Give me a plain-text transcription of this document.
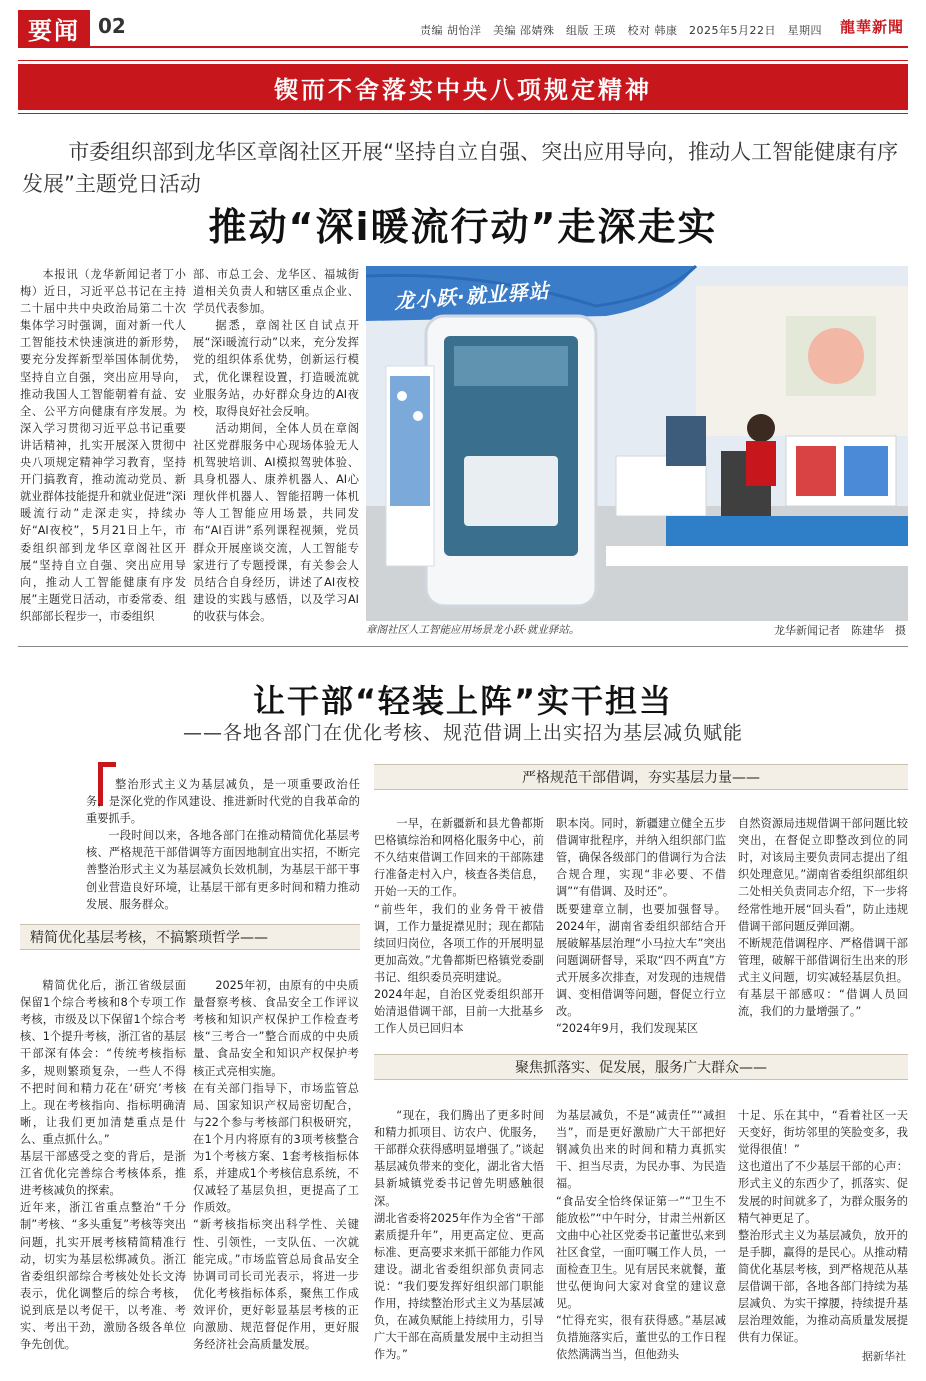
要闻 02	责编 胡怡洋　美编 邵婧殊　组版 王瑛　校对 韩康　2025年5月22日　星期四 龍華新聞
锲而不舍落实中央八项规定精神
市委组织部到龙华区章阁社区开展“坚持自立自强、突出应用导向，推动人工智能健康有序发展”主题党日活动
推动“深i暖流行动”走深走实

本报讯（龙华新闻记者丁小梅）近日，习近平总书记在主持二十届中共中央政治局第二十次集体学习时强调，面对新一代人工智能技术快速演进的新形势，要充分发挥新型举国体制优势，坚持自立自强，突出应用导向，推动我国人工智能朝着有益、安全、公平方向健康有序发展。为深入学习贯彻习近平总书记重要讲话精神，扎实开展深入贯彻中央八项规定精神学习教育，坚持开门搞教育，推动流动党员、新就业群体技能提升和就业促进“深i暖流行动”走深走实，持续办好“AI夜校”，5月21日上午，市委组织部到龙华区章阁社区开展“坚持自立自强、突出应用导向，推动人工智能健康有序发展”主题党日活动，市委常委、组织部部长程步一，市委组织

部、市总工会、龙华区、福城街道相关负责人和辖区重点企业、学员代表参加。

据悉，章阁社区自试点开展“深i暖流行动”以来，充分发挥党的组织体系优势，创新运行模式，优化课程设置，打造暖流就业服务站，办好群众身边的AI夜校，取得良好社会反响。

活动期间，全体人员在章阁社区党群服务中心现场体验无人机驾驶培训、AI模拟驾驶体验、具身机器人、康养机器人、AI心理伙伴机器人、智能招聘一体机等人工智能应用场景，共同发布“AI百讲”系列课程视频，党员群众开展座谈交流，人工智能专家进行了专题授课，有关参会人员结合自身经历，讲述了AI夜校建设的实践与感悟，以及学习AI的收获与体会。

龙小跃·就业驿站
章阁社区人工智能应用场景龙小跃·就业驿站。	龙华新闻记者　陈建华　摄
让干部“轻装上阵”实干担当
——各地各部门在优化考核、规范借调上出实招为基层减负赋能

整治形式主义为基层减负，是一项重要政治任务，是深化党的作风建设、推进新时代党的自我革命的重要抓手。

一段时间以来，各地各部门在推动精简优化基层考核、严格规范干部借调等方面因地制宜出实招，不断完善整治形式主义为基层减负长效机制，为基层干部干事创业营造良好环境，让基层干部有更多时间和精力推动发展、服务群众。

精简优化基层考核，不搞繁琐哲学——
严格规范干部借调，夯实基层力量——
聚焦抓落实、促发展，服务广大群众——

精简优化后，浙江省级层面保留1个综合考核和8个专项工作考核，市级及以下保留1个综合考核、1个提升考核，浙江省的基层干部深有体会：“传统考核指标多，规则繁琐复杂，一些人不得不把时间和精力花在‘研究’考核上。现在考核指向、指标明确清晰，让我们更加清楚重点是什么、重点抓什么。”
基层干部感受之变的背后，是浙江省优化完善综合考核体系，推进考核减负的探索。
近年来，浙江省重点整治“千分制”考核、“多头重复”考核等突出问题，扎实开展考核精简精准行动，切实为基层松绑减负。浙江省委组织部综合考核处处长文涛表示，优化调整后的综合考核，说到底是以考促干，以考准、考实、考出干劲，激励各级各单位争先创优。

2025年初，由原有的中央质量督察考核、食品安全工作评议考核和知识产权保护工作检查考核“三考合一”整合而成的中央质量、食品安全和知识产权保护考核正式亮相实施。
在有关部门指导下，市场监管总局、国家知识产权局密切配合，与22个参与考核部门积极研究，在1个月内将原有的3项考核整合为1个考核方案、1套考核指标体系，并建成1个考核信息系统，不仅减轻了基层负担，更提高了工作质效。
“新考核指标突出科学性、关键性、引领性，一支队伍、一次就能完成。”市场监管总局食品安全协调司司长司光表示，将进一步优化考核指标体系，聚焦工作成效评价，更好彰显基层考核的正向激励、规范督促作用，更好服务经济社会高质量发展。

一早，在新疆新和县尤鲁都斯巴格镇综治和网格化服务中心，前不久结束借调工作回来的干部陈建行准备走村入户，核查各类信息，开始一天的工作。
“前些年，我们的业务骨干被借调，工作力量捉襟见肘；现在都陆续回归岗位，各项工作的开展明显更加高效。”尤鲁都斯巴格镇党委副书记、组织委员亮明建说。
2024年起，自治区党委组织部开始清退借调干部，目前一大批基乡工作人员已回归本

职本岗。同时，新疆建立健全五步借调审批程序，并纳入组织部门监管，确保各级部门的借调行为合法合规合理，实现“非必要、不借调”“有借调、及时还”。
既要建章立制，也要加强督导。2024年，湖南省委组织部结合开展破解基层治理“小马拉大车”突出问题调研督导，采取“四不两直”方式开展多次排查，对发现的违规借调、变相借调等问题，督促立行立改。
“2024年9月，我们发现某区

自然资源局违规借调干部问题比较突出，在督促立即整改到位的同时，对该局主要负责同志提出了组织处理意见。”湖南省委组织部组织二处相关负责同志介绍，下一步将经常性地开展“回头看”，防止违规借调干部问题反弹回潮。
不断规范借调程序、严格借调干部管理，破解干部借调衍生出来的形式主义问题，切实减轻基层负担。有基层干部感叹：“借调人员回流，我们的力量增强了。”

“现在，我们腾出了更多时间和精力抓项目、访农户、优服务，干部群众获得感明显增强了。”谈起基层减负带来的变化，湖北省大悟县新城镇党委书记曾先明感触很深。
湖北省委将2025年作为全省“干部素质提升年”，用更高定位、更高标准、更高要求来抓干部能力作风建设。湖北省委组织部负责同志说：“我们要发挥好组织部门职能作用，持续整治形式主义为基层减负，在减负赋能上持续用力，引导广大干部在高质量发展中主动担当作为。”

为基层减负，不是“减责任”“减担当”，而是更好激励广大干部把好钢减负出来的时间和精力真抓实干、担当尽责，为民办事、为民造福。
“食品安全恰终保证第一”“卫生不能放松”“中午时分，甘肃兰州新区文曲中心社区党委书记董世弘来到社区食堂，一面叮嘱工作人员，一面检查卫生。见有居民来就餐，董世弘便询问大家对食堂的建议意见。
“忙得充实，很有获得感。”基层减负措施落实后，董世弘的工作日程依然满满当当，但他劲头

十足、乐在其中，“看着社区一天天变好，街坊邻里的笑脸变多，我觉得很值！”
这也道出了不少基层干部的心声：形式主义的东西少了，抓落实、促发展的时间就多了，为群众服务的精气神更足了。
整治形式主义为基层减负，放开的是手脚，赢得的是民心。从推动精简优化基层考核，到严格规范从基层借调干部，各地各部门持续为基层减负、为实干撑腰，持续提升基层治理效能，为推动高质量发展提供有力保证。

据新华社
